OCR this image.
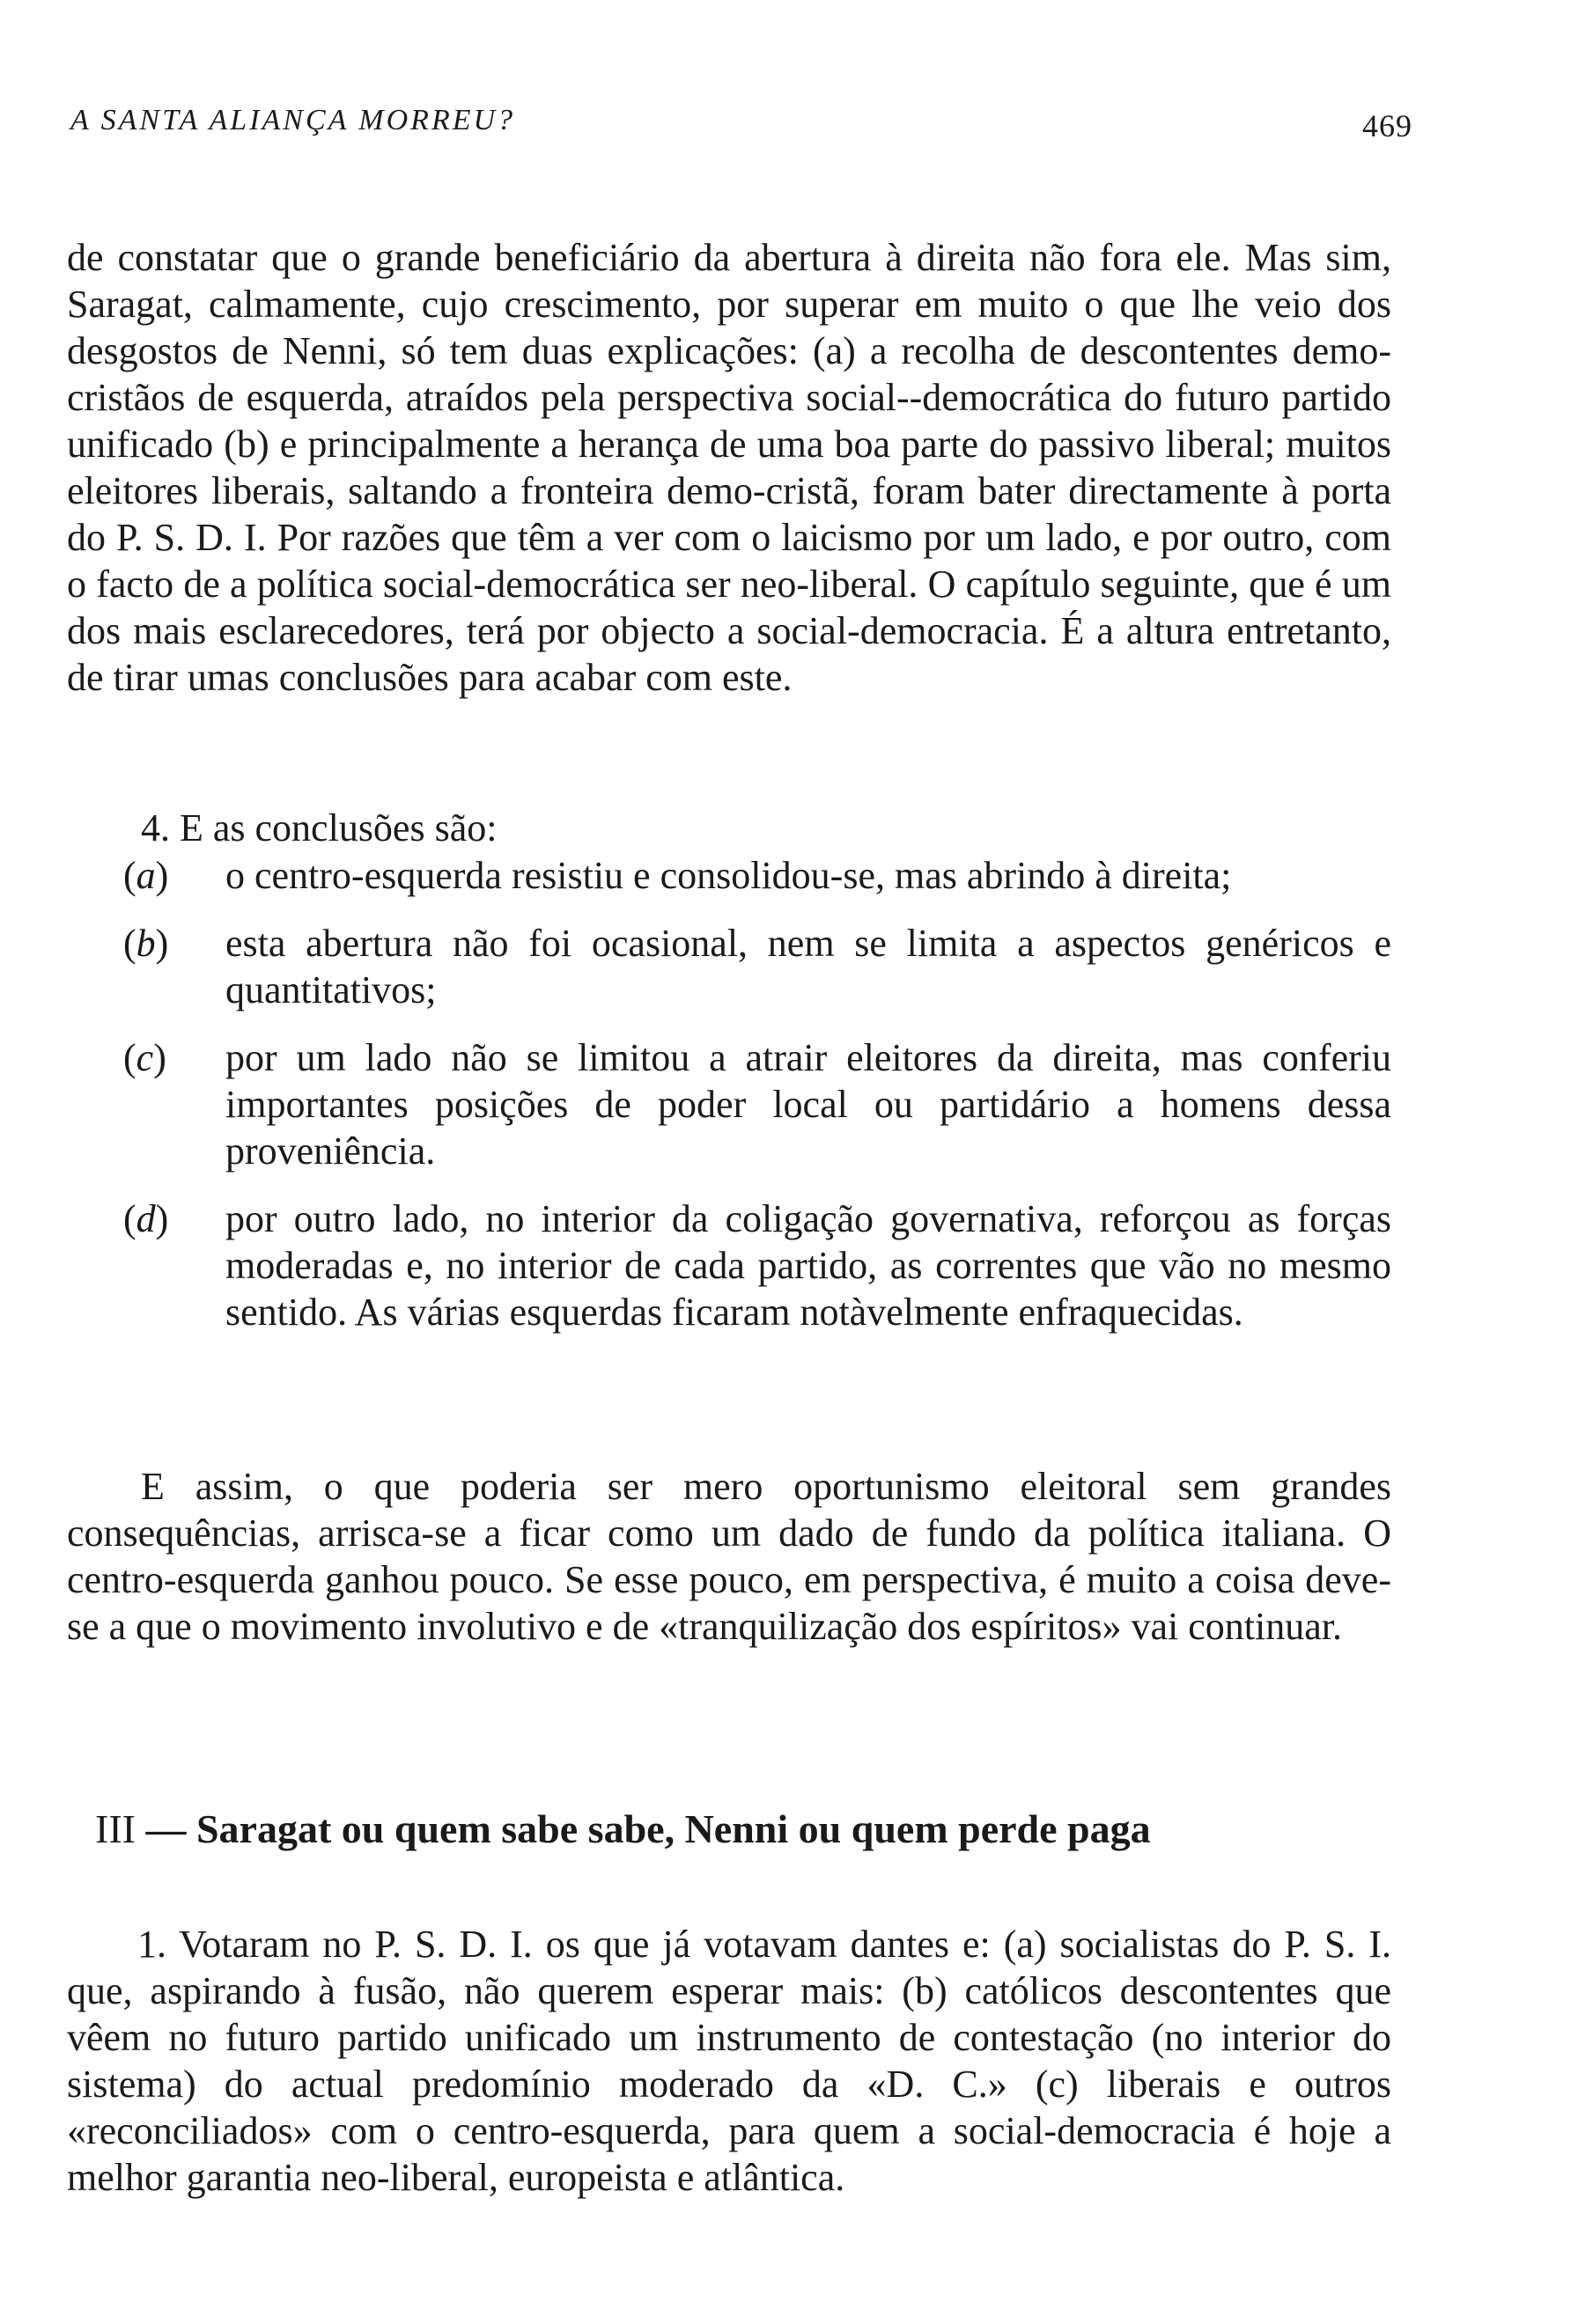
A SANTA ALIANÇA MORREU?	469

de constatar que o grande beneficiário da abertura à direita não fora ele. Mas sim, Saragat, calmamente, cujo crescimento, por superar em muito o que lhe veio dos desgostos de Nenni, só tem duas explicações: (a) a recolha de descontentes demo-cristãos de esquerda, atraídos pela perspectiva social--democrática do futuro partido unificado (b) e principalmente a herança de uma boa parte do passivo liberal; muitos eleitores liberais, saltando a fronteira demo-cristã, foram bater directamente à porta do P. S. D. I. Por razões que têm a ver com o laicismo por um lado, e por outro, com o facto de a política social-democrática ser neo-liberal. O capítulo seguinte, que é um dos mais esclarecedores, terá por objecto a social-democracia. É a altura entretanto, de tirar umas conclusões para acabar com este.

4. E as conclusões são:

(a) o centro-esquerda resistiu e consolidou-se, mas abrindo à direita;
(b) esta abertura não foi ocasional, nem se limita a aspectos genéricos e quantitativos;
(c) por um lado não se limitou a atrair eleitores da direita, mas conferiu importantes posições de poder local ou partidário a homens dessa proveniência.
(d) por outro lado, no interior da coligação governativa, reforçou as forças moderadas e, no interior de cada partido, as correntes que vão no mesmo sentido. As várias esquerdas ficaram notàvelmente enfraquecidas.

E assim, o que poderia ser mero oportunismo eleitoral sem grandes consequências, arrisca-se a ficar como um dado de fundo da política italiana. O centro-esquerda ganhou pouco. Se esse pouco, em perspectiva, é muito a coisa deve-se a que o movimento involutivo e de «tranquilização dos espíritos» vai continuar.

III — Saragat ou quem sabe sabe, Nenni ou quem perde paga

1. Votaram no P. S. D. I. os que já votavam dantes e: (a) socialistas do P. S. I. que, aspirando à fusão, não querem esperar mais: (b) católicos descontentes que vêem no futuro partido unificado um instrumento de contestação (no interior do sistema) do actual predomínio moderado da «D. C.» (c) liberais e outros «reconciliados» com o centro-esquerda, para quem a social-democracia é hoje a melhor garantia neo-liberal, europeista e atlântica.
